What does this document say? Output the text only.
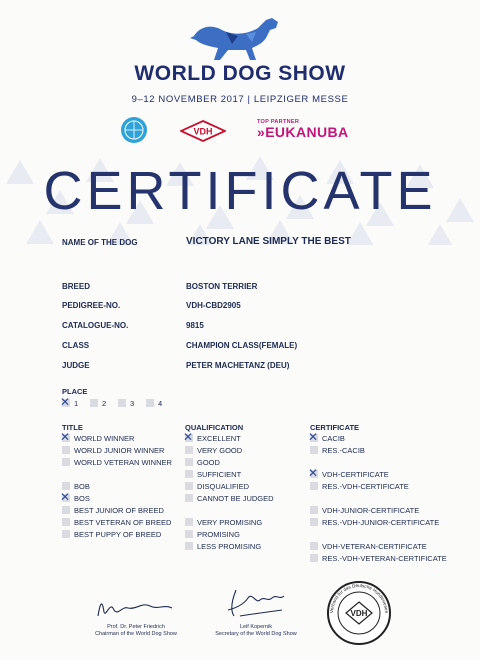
WORLD DOG SHOW
9–12 NOVEMBER 2017 | LEIPZIGER MESSE
VDH
TOP PARTNER
»EUKANUBA
CERTIFICATE
NAME OF THE DOG	VICTORY LANE SIMPLY THE BEST
BREED	BOSTON TERRIER
PEDIGREE-NO.	VDH-CBD2905
CATALOGUE-NO.	9815
CLASS	CHAMPION CLASS(FEMALE)
JUDGE	PETER MACHETANZ (DEU)
PLACE
✕ 1	2	3	4
TITLE
✕ WORLD WINNER
WORLD JUNIOR WINNER
WORLD VETERAN WINNER
BOB
✕ BOS
BEST JUNIOR OF BREED
BEST VETERAN OF BREED
BEST PUPPY OF BREED
QUALIFICATION
✕ EXCELLENT
VERY GOOD
GOOD
SUFFICIENT
DISQUALIFIED
CANNOT BE JUDGED
VERY PROMISING
PROMISING
LESS PROMISING
CERTIFICATE
✕ CACIB
RES.-CACIB
✕ VDH-CERTIFICATE
RES.-VDH-CERTIFICATE
VDH-JUNIOR-CERTIFICATE
RES.-VDH-JUNIOR-CERTIFICATE
VDH-VETERAN-CERTIFICATE
RES.-VDH-VETERAN-CERTIFICATE
Prof. Dr. Peter Friedrich
Chairman of the World Dog Show
Leif Kopernik
Secretary of the World Dog Show
VDH
Verband für das Deutsche Hundewesen
